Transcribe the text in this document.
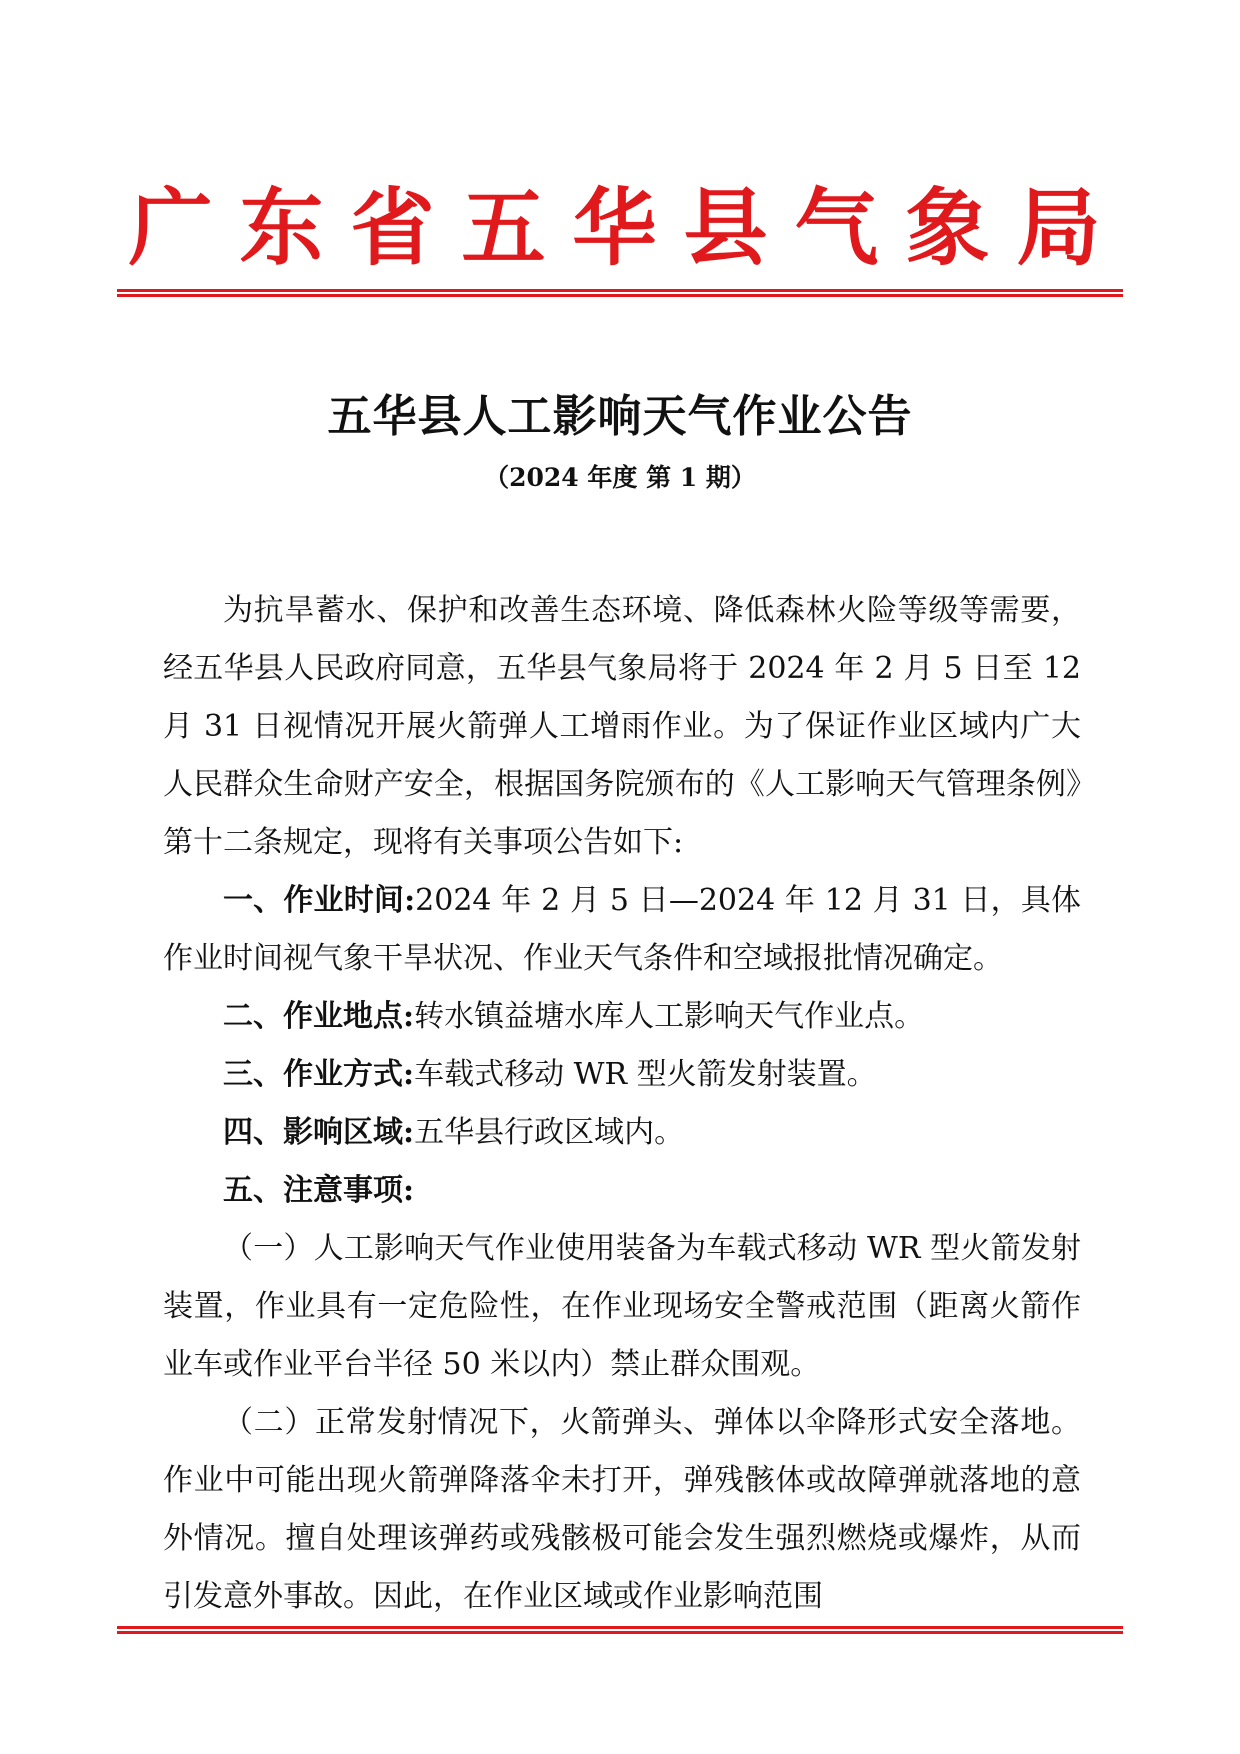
广东省五华县气象局
五华县人工影响天气作业公告
（2024 年度 第 1 期）

为抗旱蓄水、保护和改善生态环境、降低森林火险等级等需要，经五华县人民政府同意，五华县气象局将于 2024 年 2 月 5 日至 12 月 31 日视情况开展火箭弹人工增雨作业。为了保证作业区域内广大人民群众生命财产安全，根据国务院颁布的《人工影响天气管理条例》第十二条规定，现将有关事项公告如下:

一、作业时间:2024 年 2 月 5 日—2024 年 12 月 31 日，具体作业时间视气象干旱状况、作业天气条件和空域报批情况确定。

二、作业地点:转水镇益塘水库人工影响天气作业点。

三、作业方式:车载式移动 WR 型火箭发射装置。

四、影响区域:五华县行政区域内。

五、注意事项:

（一）人工影响天气作业使用装备为车载式移动 WR 型火箭发射装置，作业具有一定危险性，在作业现场安全警戒范围（距离火箭作业车或作业平台半径 50 米以内）禁止群众围观。

（二）正常发射情况下，火箭弹头、弹体以伞降形式安全落地。作业中可能出现火箭弹降落伞未打开，弹残骸体或故障弹就落地的意外情况。擅自处理该弹药或残骸极可能会发生强烈燃烧或爆炸，从而引发意外事故。因此，在作业区域或作业影响范围
